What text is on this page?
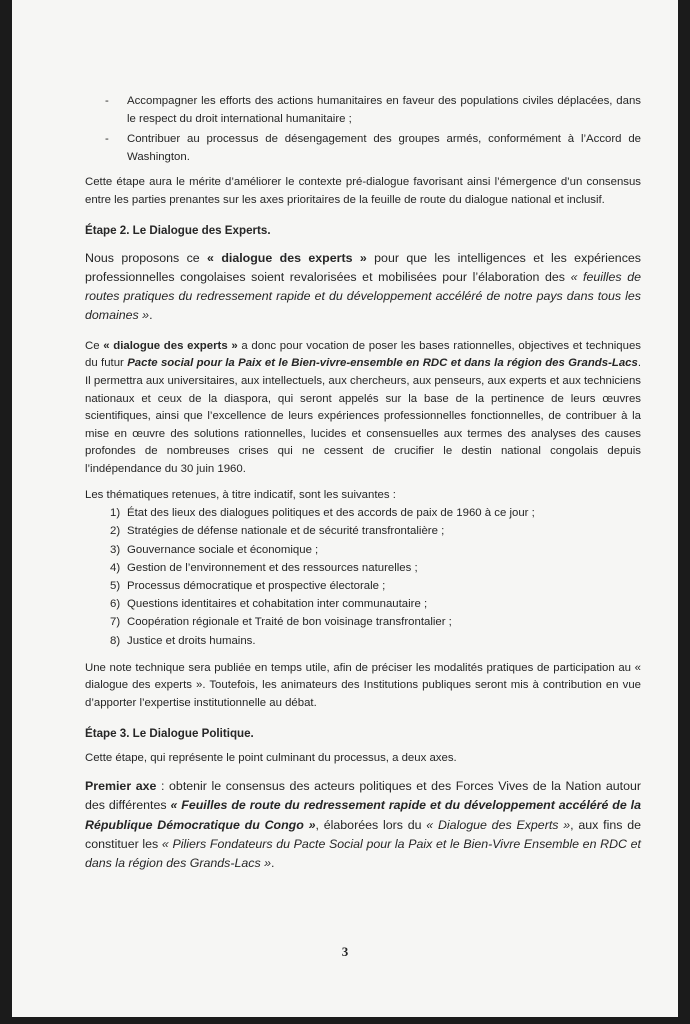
- Accompagner les efforts des actions humanitaires en faveur des populations civiles déplacées, dans le respect du droit international humanitaire ;
- Contribuer au processus de désengagement des groupes armés, conformément à l’Accord de Washington.

Cette étape aura le mérite d’améliorer le contexte pré-dialogue favorisant ainsi l’émergence d’un consensus entre les parties prenantes sur les axes prioritaires de la feuille de route du dialogue national et inclusif.

Étape 2. Le Dialogue des Experts.

Nous proposons ce « dialogue des experts » pour que les intelligences et les expériences professionnelles congolaises soient revalorisées et mobilisées pour l’élaboration des « feuilles de routes pratiques du redressement rapide et du développement accéléré de notre pays dans tous les domaines ».

Ce « dialogue des experts » a donc pour vocation de poser les bases rationnelles, objectives et techniques du futur Pacte social pour la Paix et le Bien-vivre-ensemble en RDC et dans la région des Grands-Lacs. Il permettra aux universitaires, aux intellectuels, aux chercheurs, aux penseurs, aux experts et aux techniciens nationaux et ceux de la diaspora, qui seront appelés sur la base de la pertinence de leurs œuvres scientifiques, ainsi que l’excellence de leurs expériences professionnelles fonctionnelles, de contribuer à la mise en œuvre des solutions rationnelles, lucides et consensuelles aux termes des analyses des causes profondes de nombreuses crises qui ne cessent de crucifier le destin national congolais depuis l’indépendance du 30 juin 1960.

Les thématiques retenues, à titre indicatif, sont les suivantes :

1) État des lieux des dialogues politiques et des accords de paix de 1960 à ce jour ;
2) Stratégies de défense nationale et de sécurité transfrontalière ;
3) Gouvernance sociale et économique ;
4) Gestion de l’environnement et des ressources naturelles ;
5) Processus démocratique et prospective électorale ;
6) Questions identitaires et cohabitation inter communautaire ;
7) Coopération régionale et Traité de bon voisinage transfrontalier ;
8) Justice et droits humains.

Une note technique sera publiée en temps utile, afin de préciser les modalités pratiques de participation au « dialogue des experts ». Toutefois, les animateurs des Institutions publiques seront mis à contribution en vue d’apporter l’expertise institutionnelle au débat.

Étape 3. Le Dialogue Politique.

Cette étape, qui représente le point culminant du processus, a deux axes.

Premier axe : obtenir le consensus des acteurs politiques et des Forces Vives de la Nation autour des différentes « Feuilles de route du redressement rapide et du développement accéléré de la République Démocratique du Congo », élaborées lors du « Dialogue des Experts », aux fins de constituer les « Piliers Fondateurs du Pacte Social pour la Paix et le Bien-Vivre Ensemble en RDC et dans la région des Grands-Lacs ».

3
